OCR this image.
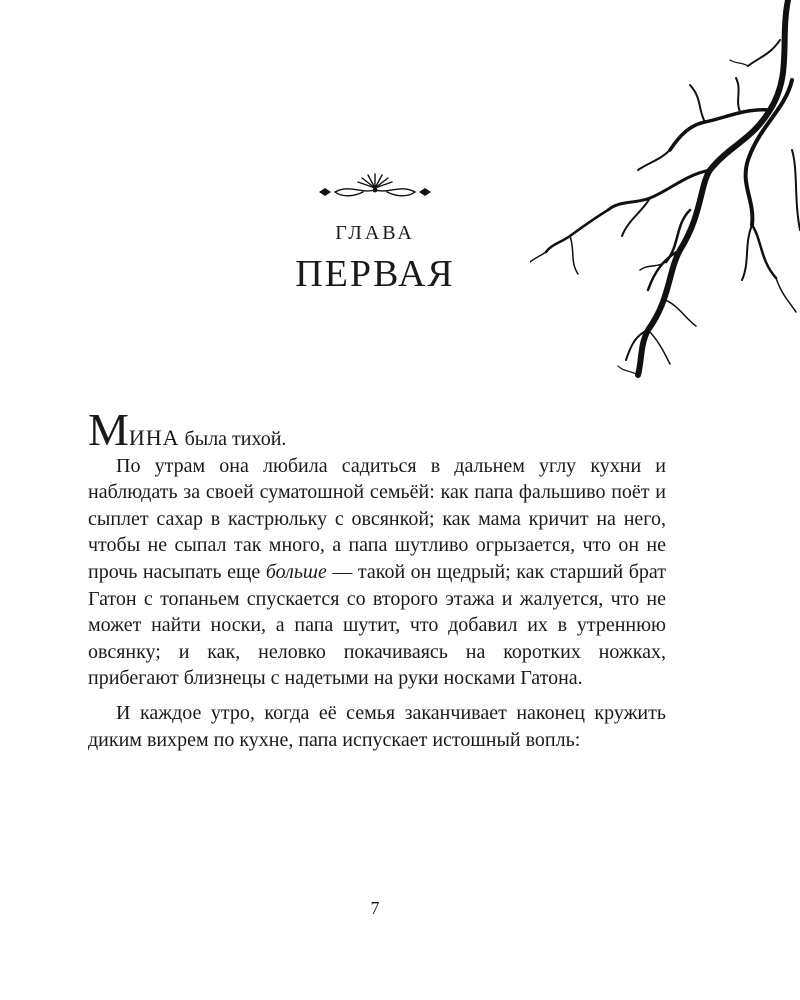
ГЛАВА
ПЕРВАЯ

МИНА была тихой.

По утрам она любила садиться в дальнем углу кухни и наблюдать за своей суматошной семьёй: как папа фальшиво поёт и сыплет сахар в кастрюльку с овсянкой; как мама кричит на него, чтобы не сыпал так много, а папа шутливо огрызается, что он не прочь насыпать еще больше — такой он щедрый; как старший брат Гатон с топаньем спускается со второго этажа и жалуется, что не может найти носки, а папа шутит, что добавил их в утреннюю овсянку; и как, неловко покачиваясь на коротких ножках, прибегают близнецы с надетыми на руки носками Гатона.

И каждое утро, когда её семья заканчивает наконец кружить диким вихрем по кухне, папа испускает истошный вопль:

7
